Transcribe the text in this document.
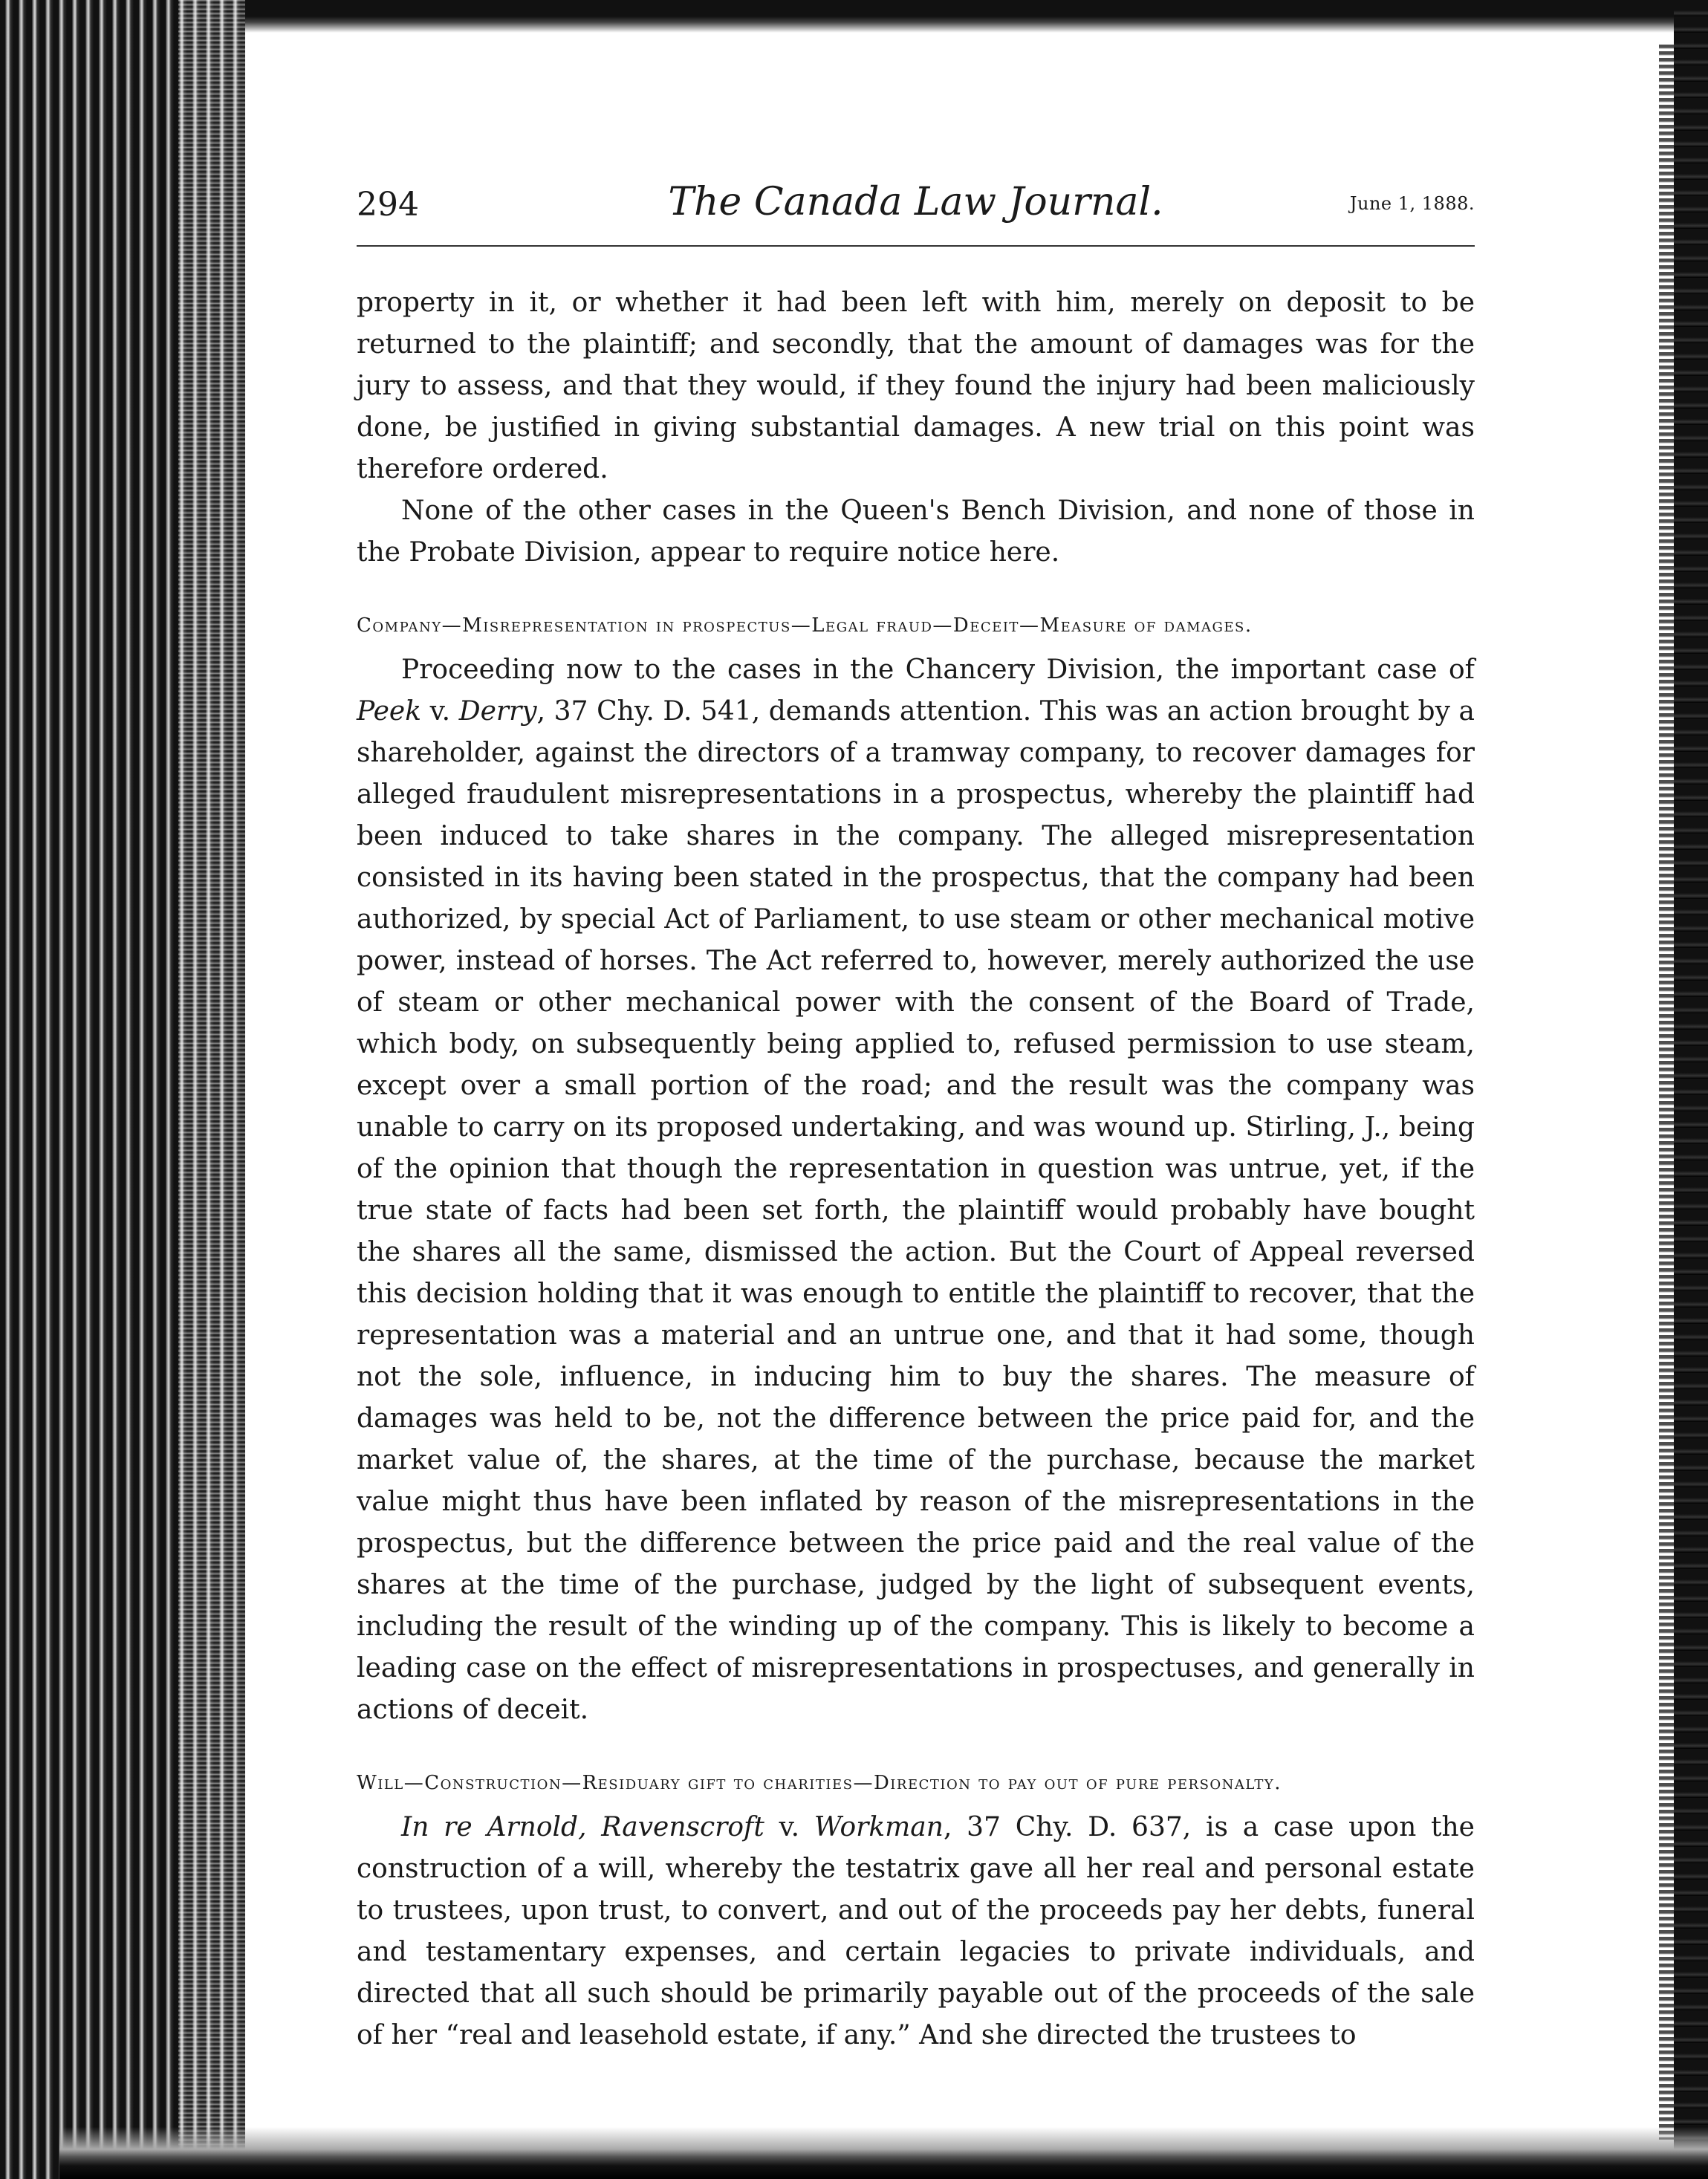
294	The Canada Law Journal.	June 1, 1888.

property in it, or whether it had been left with him, merely on deposit to be returned to the plaintiff; and secondly, that the amount of damages was for the jury to assess, and that they would, if they found the injury had been maliciously done, be justified in giving substantial damages. A new trial on this point was therefore ordered.

None of the other cases in the Queen's Bench Division, and none of those in the Probate Division, appear to require notice here.

Company—Misrepresentation in prospectus—Legal fraud—Deceit—Measure of damages.

Proceeding now to the cases in the Chancery Division, the important case of Peek v. Derry, 37 Chy. D. 541, demands attention. This was an action brought by a shareholder, against the directors of a tramway company, to recover damages for alleged fraudulent misrepresentations in a prospectus, whereby the plaintiff had been induced to take shares in the company. The alleged misrepresentation consisted in its having been stated in the prospectus, that the company had been authorized, by special Act of Parliament, to use steam or other mechanical motive power, instead of horses. The Act referred to, however, merely authorized the use of steam or other mechanical power with the consent of the Board of Trade, which body, on subsequently being applied to, refused permission to use steam, except over a small portion of the road; and the result was the company was unable to carry on its proposed undertaking, and was wound up. Stirling, J., being of the opinion that though the representation in question was untrue, yet, if the true state of facts had been set forth, the plaintiff would probably have bought the shares all the same, dismissed the action. But the Court of Appeal reversed this decision holding that it was enough to entitle the plaintiff to recover, that the representation was a material and an untrue one, and that it had some, though not the sole, influence, in inducing him to buy the shares. The measure of damages was held to be, not the difference between the price paid for, and the market value of, the shares, at the time of the purchase, because the market value might thus have been inflated by reason of the misrepresentations in the prospectus, but the difference between the price paid and the real value of the shares at the time of the purchase, judged by the light of subsequent events, including the result of the winding up of the company. This is likely to become a leading case on the effect of misrepresentations in prospectuses, and generally in actions of deceit.

Will—Construction—Residuary gift to charities—Direction to pay out of pure personalty.

In re Arnold, Ravenscroft v. Workman, 37 Chy. D. 637, is a case upon the construction of a will, whereby the testatrix gave all her real and personal estate to trustees, upon trust, to convert, and out of the proceeds pay her debts, funeral and testamentary expenses, and certain legacies to private individuals, and directed that all such should be primarily payable out of the proceeds of the sale of her “real and leasehold estate, if any.” And she directed the trustees to
